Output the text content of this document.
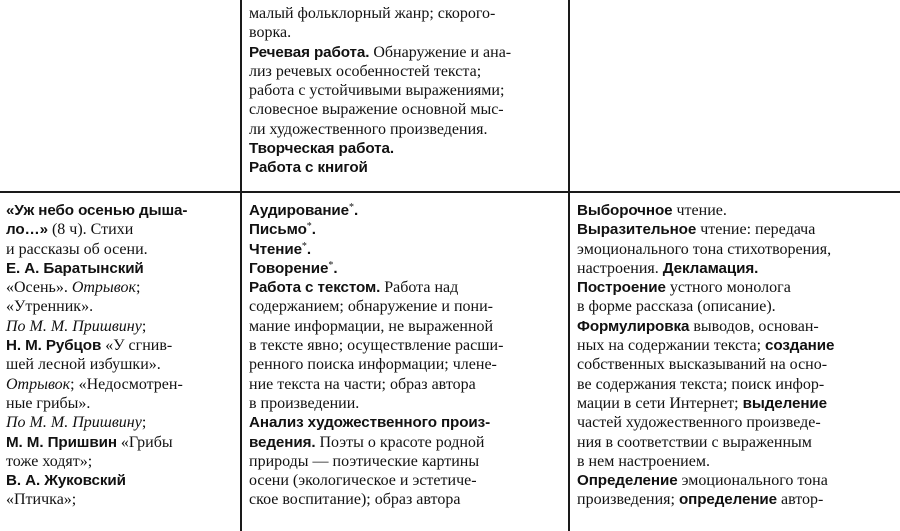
малый фольклорный жанр; скорого-
ворка.
Речевая работа. Обнаружение и ана-
лиз речевых особенностей текста;
работа с устойчивыми выражениями;
словесное выражение основной мыс-
ли художественного произведения.
Творческая работа.
Работа с книгой
«Уж небо осенью дыша-
ло…» (8 ч). Стихи
и рассказы об осени.
Е. А. Баратынский
«Осень». Отрывок;
«Утренник».
По М. М. Пришвину;
Н. М. Рубцов «У сгнив-
шей лесной избушки».
Отрывок; «Недосмотрен-
ные грибы».
По М. М. Пришвину;
М. М. Пришвин «Грибы
тоже ходят»;
В. А. Жуковский
«Птичка»;
Аудирование*.
Письмо*.
Чтение*.
Говорение*.
Работа с текстом. Работа над
содержанием; обнаружение и пони-
мание информации, не выраженной
в тексте явно; осуществление расши-
ренного поиска информации; члене-
ние текста на части; образ автора
в произведении.
Анализ художественного произ-
ведения. Поэты о красоте родной
природы — поэтические картины
осени (экологическое и эстетиче-
ское воспитание); образ автора
Выборочное чтение.
Выразительное чтение: передача
эмоционального тона стихотворения,
настроения. Декламация.
Построение устного монолога
в форме рассказа (описание).
Формулировка выводов, основан-
ных на содержании текста; создание
собственных высказываний на осно-
ве содержания текста; поиск инфор-
мации в сети Интернет; выделение
частей художественного произведе-
ния в соответствии с выраженным
в нем настроением.
Определение эмоционального тона
произведения; определение автор-
